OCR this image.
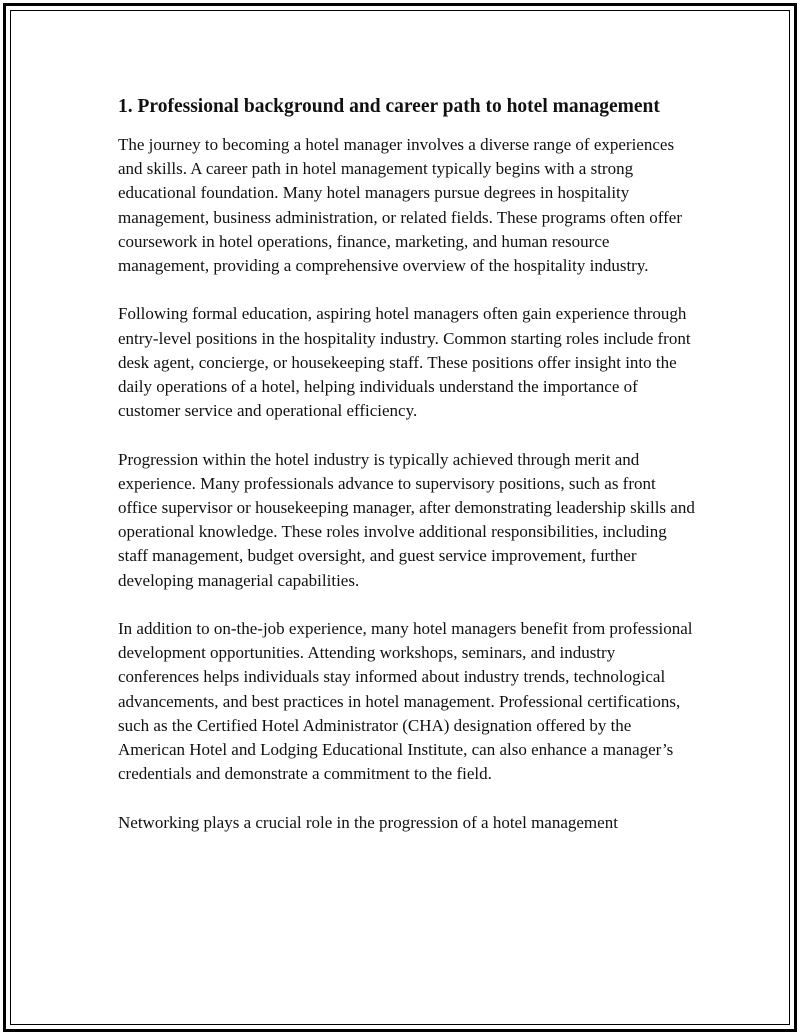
1. Professional background and career path to hotel management

The journey to becoming a hotel manager involves a diverse range of experiences and skills. A career path in hotel management typically begins with a strong educational foundation. Many hotel managers pursue degrees in hospitality management, business administration, or related fields. These programs often offer coursework in hotel operations, finance, marketing, and human resource management, providing a comprehensive overview of the hospitality industry.

Following formal education, aspiring hotel managers often gain experience through entry-level positions in the hospitality industry. Common starting roles include front desk agent, concierge, or housekeeping staff. These positions offer insight into the daily operations of a hotel, helping individuals understand the importance of customer service and operational efficiency.

Progression within the hotel industry is typically achieved through merit and experience. Many professionals advance to supervisory positions, such as front office supervisor or housekeeping manager, after demonstrating leadership skills and operational knowledge. These roles involve additional responsibilities, including staff management, budget oversight, and guest service improvement, further developing managerial capabilities.

In addition to on-the-job experience, many hotel managers benefit from professional development opportunities. Attending workshops, seminars, and industry conferences helps individuals stay informed about industry trends, technological advancements, and best practices in hotel management. Professional certifications, such as the Certified Hotel Administrator (CHA) designation offered by the American Hotel and Lodging Educational Institute, can also enhance a manager’s credentials and demonstrate a commitment to the field.

Networking plays a crucial role in the progression of a hotel management
